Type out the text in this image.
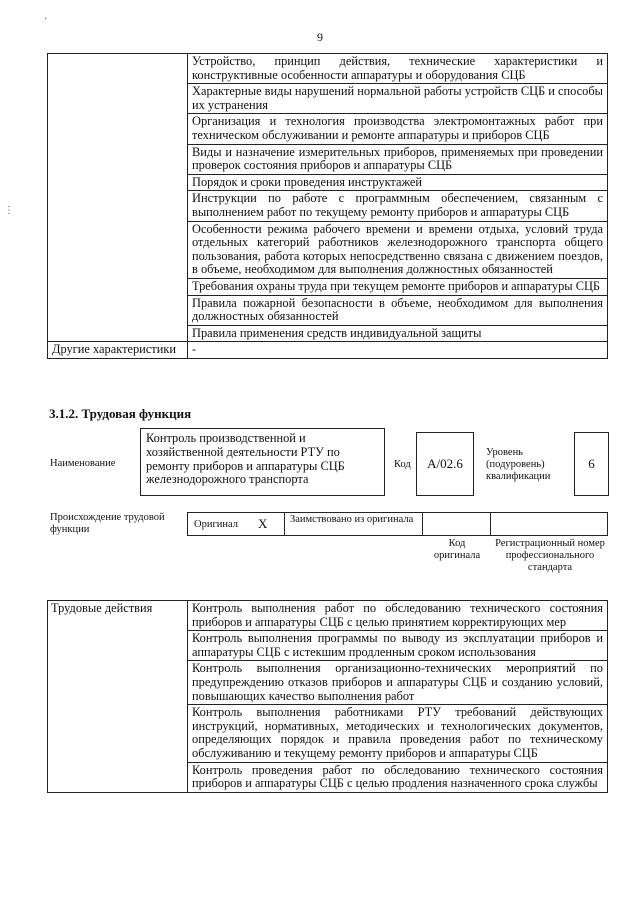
9
·
⋮
	Устройство, принцип действия, технические характеристики и конструктивные особенности аппаратуры и оборудования СЦБ
	Характерные виды нарушений нормальной работы устройств СЦБ и способы их устранения
	Организация и технология производства электромонтажных работ при техническом обслуживании и ремонте аппаратуры и приборов СЦБ
	Виды и назначение измерительных приборов, применяемых при проведении проверок состояния приборов и аппаратуры СЦБ
	Порядок и сроки проведения инструктажей
	Инструкции по работе с программным обеспечением, связанным с выполнением работ по текущему ремонту приборов и аппаратуры СЦБ
	Особенности режима рабочего времени и времени отдыха, условий труда отдельных категорий работников железнодорожного транспорта общего пользования, работа которых непосредственно связана с движением поездов, в объеме, необходимом для выполнения должностных обязанностей
	Требования охраны труда при текущем ремонте приборов и аппаратуры СЦБ
	Правила пожарной безопасности в объеме, необходимом для выполнения должностных обязанностей
	Правила применения средств индивидуальной защиты
Другие характеристики	-
3.1.2. Трудовая функция
Наименование
Контроль производственной и хозяйственной деятельности РТУ по ремонту приборов и аппаратуры СЦБ железнодорожного транспорта
Код	А/02.6
Уровень (подуровень) квалификации
6
Происхождение трудовой функции	Оригинал X	Заимствовано из оригинала
Код оригинала
Регистрационный номер профессионального стандарта
Трудовые действия	Контроль выполнения работ по обследованию технического состояния приборов и аппаратуры СЦБ с целью принятием корректирующих мер
Контроль выполнения программы по выводу из эксплуатации приборов и аппаратуры СЦБ с истекшим продленным сроком использования
Контроль выполнения организационно-технических мероприятий по предупреждению отказов приборов и аппаратуры СЦБ и созданию условий, повышающих качество выполнения работ
Контроль выполнения работниками РТУ требований действующих инструкций, нормативных, методических и технологических документов, определяющих порядок и правила проведения работ по техническому обслуживанию и текущему ремонту приборов и аппаратуры СЦБ
Контроль проведения работ по обследованию технического состояния приборов и аппаратуры СЦБ с целью продления назначенного срока службы
